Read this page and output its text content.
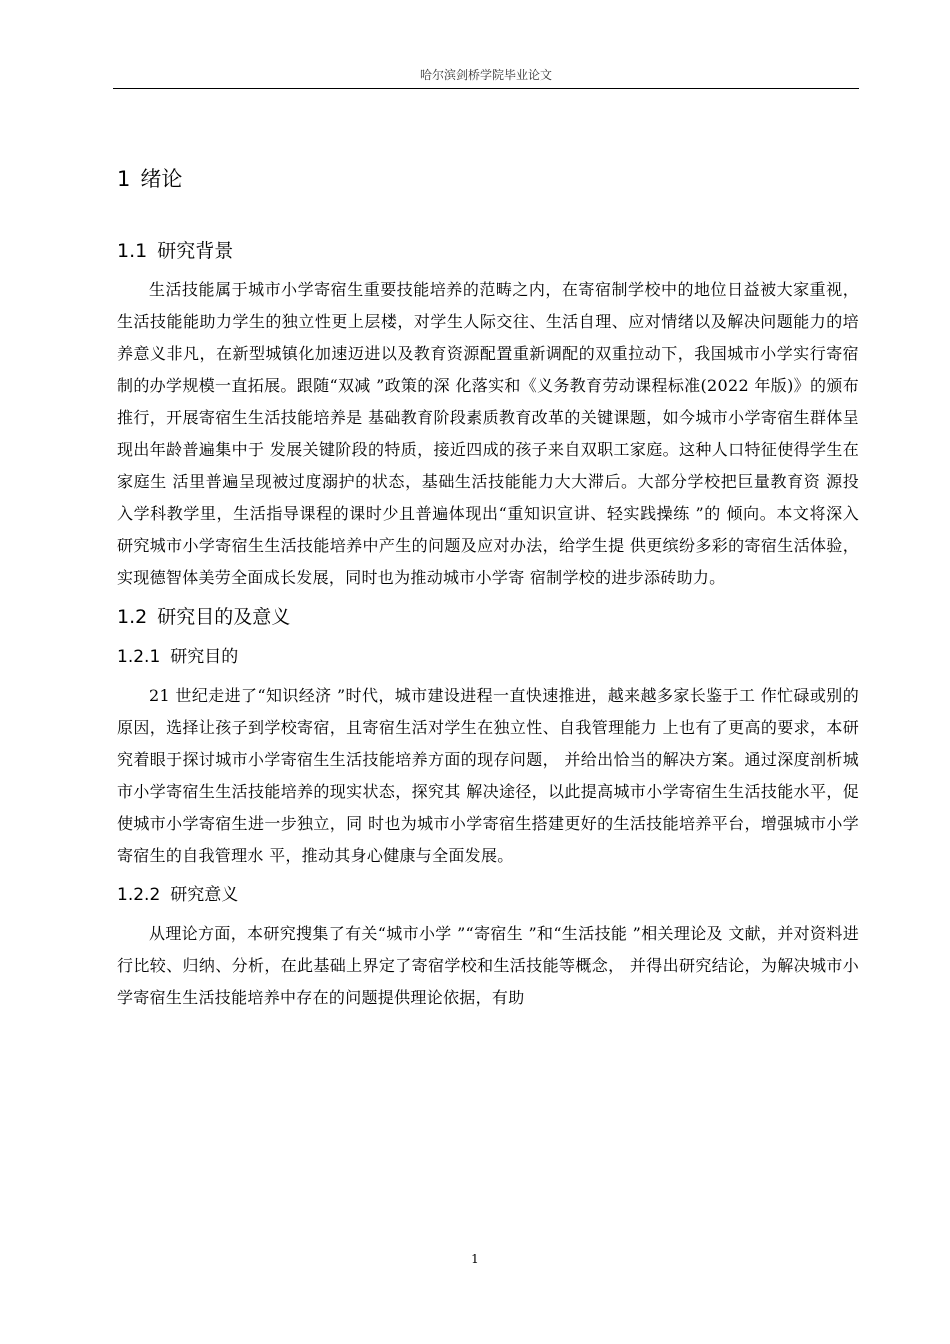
哈尔滨剑桥学院毕业论文
1 绪论
1.1 研究背景

生活技能属于城市小学寄宿生重要技能培养的范畴之内，在寄宿制学校中的地位日益被大家重视，生活技能能助力学生的独立性更上层楼，对学生人际交往、生活自理、应对情绪以及解决问题能力的培养意义非凡，在新型城镇化加速迈进以及教育资源配置重新调配的双重拉动下，我国城市小学实行寄宿制的办学规模一直拓展。跟随“双减 ”政策的深 化落实和《义务教育劳动课程标准(2022 年版)》的颁布推行，开展寄宿生生活技能培养是 基础教育阶段素质教育改革的关键课题，如今城市小学寄宿生群体呈现出年龄普遍集中于 发展关键阶段的特质，接近四成的孩子来自双职工家庭。这种人口特征使得学生在家庭生 活里普遍呈现被过度溺护的状态，基础生活技能能力大大滞后。大部分学校把巨量教育资 源投入学科教学里，生活指导课程的课时少且普遍体现出“重知识宣讲、轻实践操练 ”的 倾向。本文将深入研究城市小学寄宿生生活技能培养中产生的问题及应对办法，给学生提 供更缤纷多彩的寄宿生活体验，实现德智体美劳全面成长发展，同时也为推动城市小学寄 宿制学校的进步添砖助力。

1.2 研究目的及意义
1.2.1 研究目的

21 世纪走进了“知识经济 ”时代，城市建设进程一直快速推进，越来越多家长鉴于工 作忙碌或别的原因，选择让孩子到学校寄宿，且寄宿生活对学生在独立性、自我管理能力 上也有了更高的要求，本研究着眼于探讨城市小学寄宿生生活技能培养方面的现存问题， 并给出恰当的解决方案。通过深度剖析城市小学寄宿生生活技能培养的现实状态，探究其 解决途径，以此提高城市小学寄宿生生活技能水平，促使城市小学寄宿生进一步独立，同 时也为城市小学寄宿生搭建更好的生活技能培养平台，增强城市小学寄宿生的自我管理水 平，推动其身心健康与全面发展。

1.2.2 研究意义

从理论方面，本研究搜集了有关“城市小学 ”“寄宿生 ”和“生活技能 ”相关理论及 文献，并对资料进行比较、归纳、分析，在此基础上界定了寄宿学校和生活技能等概念， 并得出研究结论，为解决城市小学寄宿生生活技能培养中存在的问题提供理论依据，有助

1
